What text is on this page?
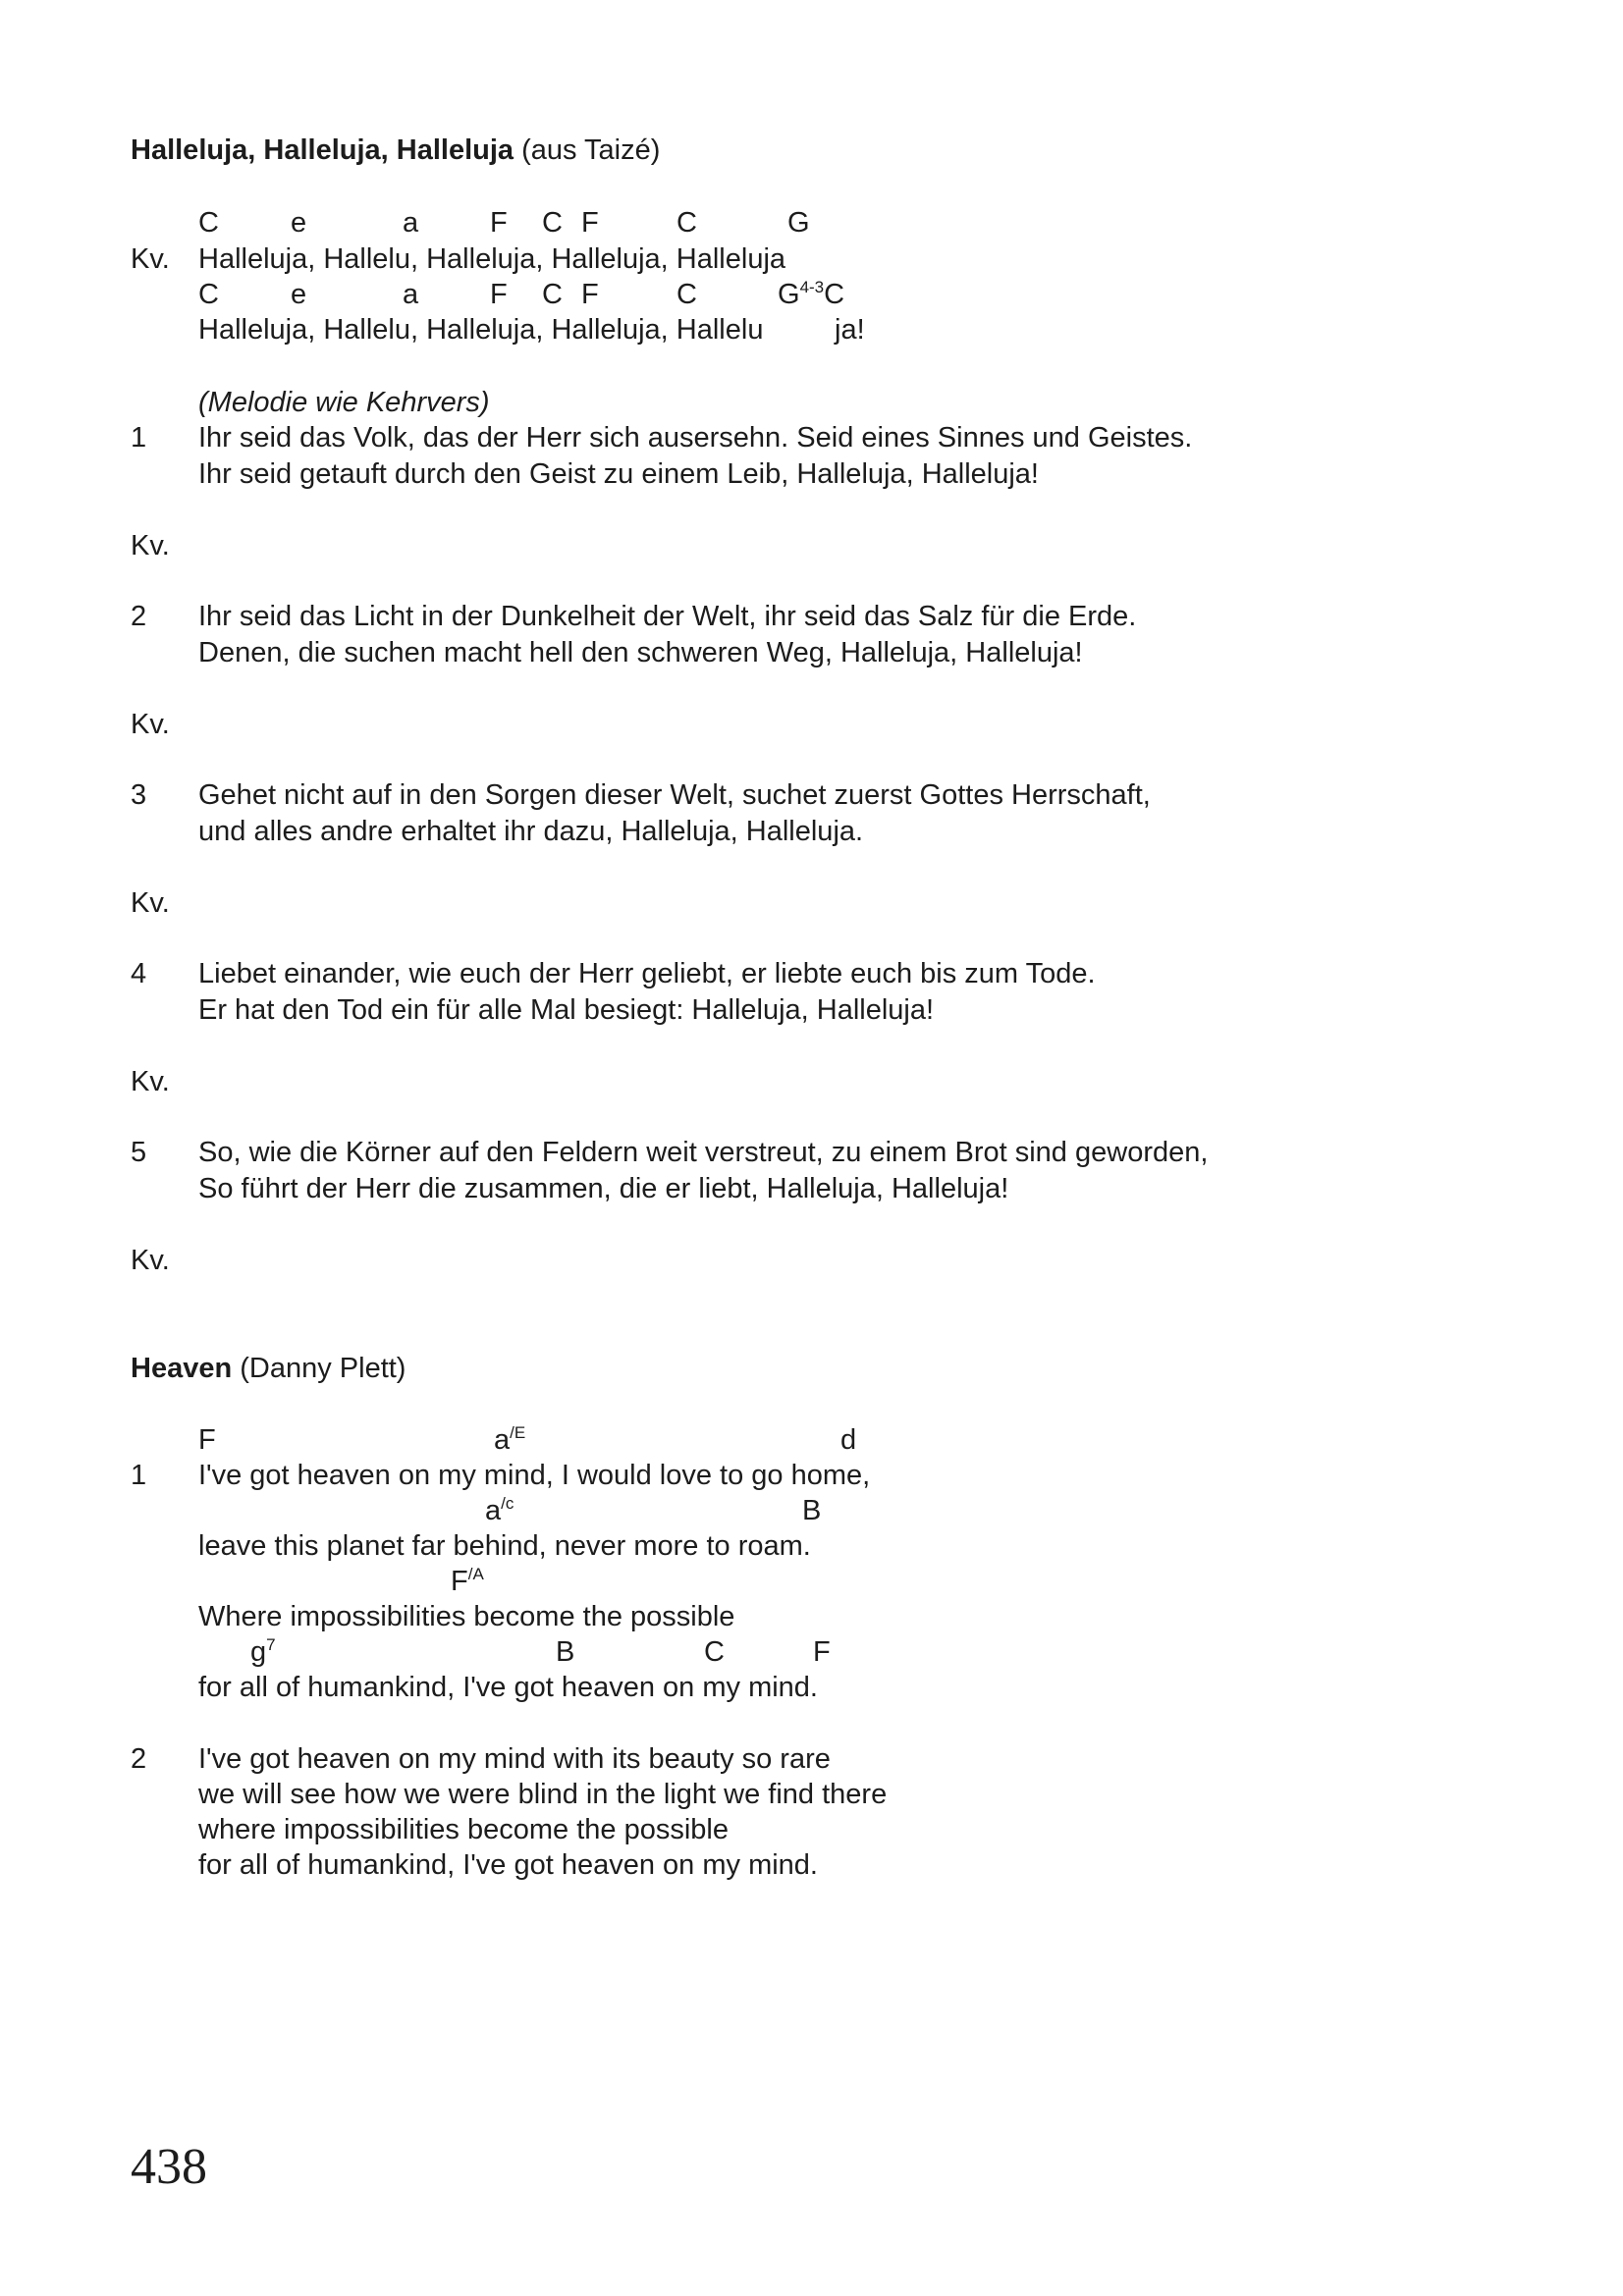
Halleluja, Halleluja, Halleluja (aus Taizé)
C	e	a	F C F	C	G
Kv. Halleluja, Hallelu, Halleluja, Halleluja, Halleluja
C	e	a	F C F	C	$G^{4-3}C$
Halleluja, Hallelu, Halleluja, Halleluja, Hallelu	ja!
(Melodie wie Kehrvers)
1 Ihr seid das Volk, das der Herr sich ausersehn. Seid eines Sinnes und Geistes.
Ihr seid getauft durch den Geist zu einem Leib, Halleluja, Halleluja!
Kv.
2 Ihr seid das Licht in der Dunkelheit der Welt, ihr seid das Salz für die Erde.
Denen, die suchen macht hell den schweren Weg, Halleluja, Halleluja!
Kv.
3 Gehet nicht auf in den Sorgen dieser Welt, suchet zuerst Gottes Herrschaft,
und alles andre erhaltet ihr dazu, Halleluja, Halleluja.
Kv.
4 Liebet einander, wie euch der Herr geliebt, er liebte euch bis zum Tode.
Er hat den Tod ein für alle Mal besiegt: Halleluja, Halleluja!
Kv.
5 So, wie die Körner auf den Feldern weit verstreut, zu einem Brot sind geworden,
So führt der Herr die zusammen, die er liebt, Halleluja, Halleluja!
Kv.
Heaven (Danny Plett)
F	$a^{/E}$	d
1 I've got heaven on my mind, I would love to go home,
$a^{/c}$	B
leave this planet far behind, never more to roam.
$F^{/A}$
Where impossibilities become the possible
$g^7$	B	C	F
for all of humankind, I've got heaven on my mind.
2 I've got heaven on my mind with its beauty so rare
we will see how we were blind in the light we find there
where impossibilities become the possible
for all of humankind, I've got heaven on my mind.
438
